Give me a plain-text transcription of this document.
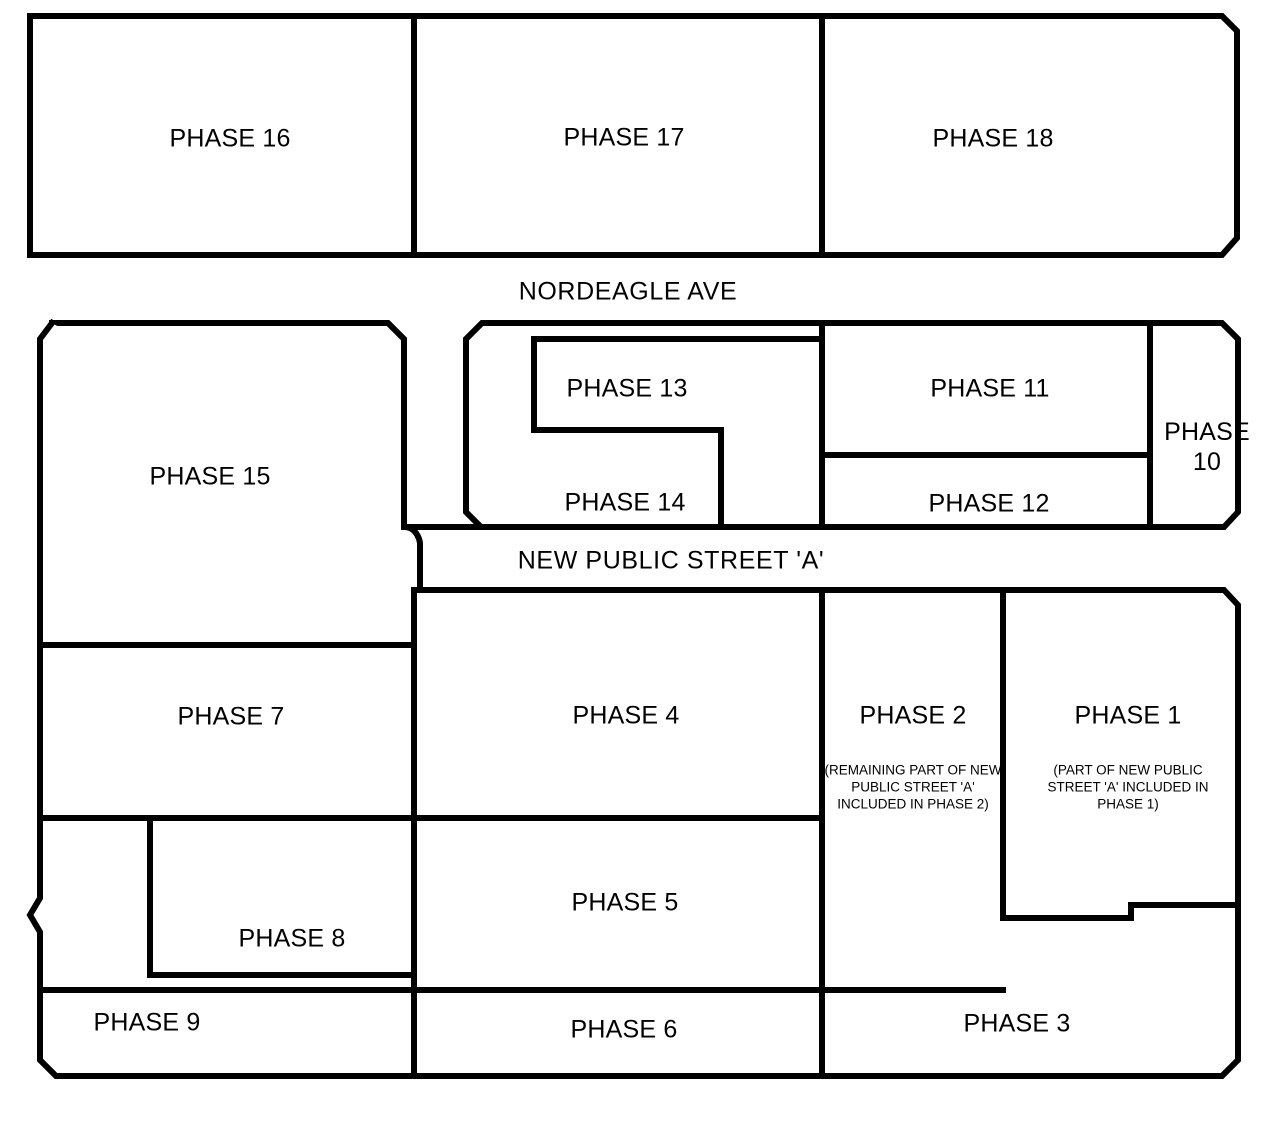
PHASE 16	PHASE 17	PHASE 18
NORDEAGLE AVE
NEW PUBLIC STREET 'A'
PHASE 15
PHASE 13
PHASE 14
PHASE 11
PHASE 12
PHASE 10
PHASE 7	PHASE 4	PHASE 2	PHASE 1
PHASE 8
PHASE 5
PHASE 9	PHASE 6	PHASE 3
(REMAINING PART OF NEW PUBLIC STREET 'A' INCLUDED IN PHASE 2)
(PART OF NEW PUBLIC STREET 'A' INCLUDED IN PHASE 1)
